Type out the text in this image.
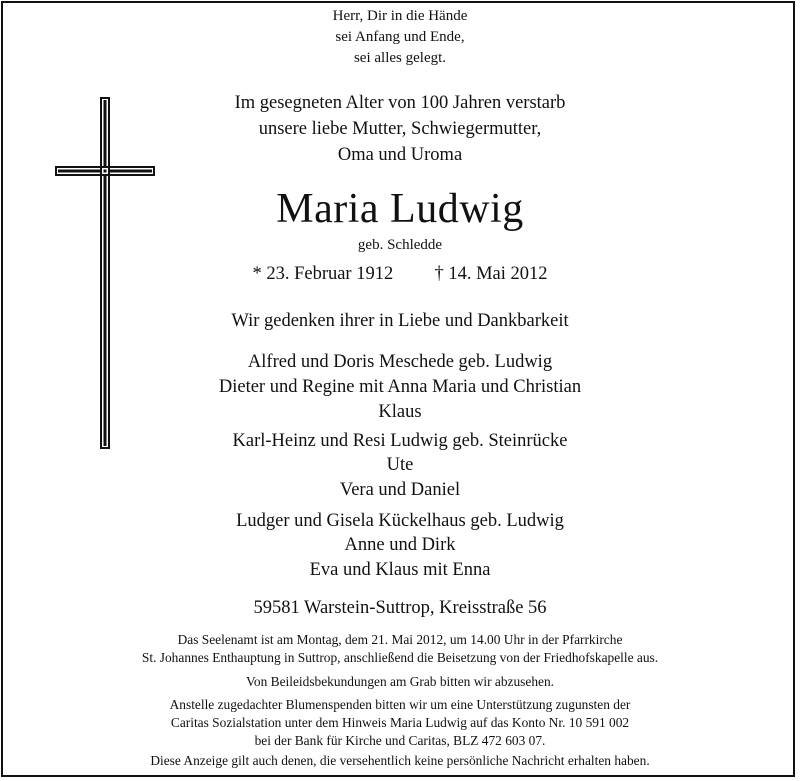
Herr, Dir in die Hände
sei Anfang und Ende,
sei alles gelegt.
Im gesegneten Alter von 100 Jahren verstarb
unsere liebe Mutter, Schwiegermutter,
Oma und Uroma
Maria Ludwig
geb. Schledde
* 23. Februar 1912 † 14. Mai 2012
Wir gedenken ihrer in Liebe und Dankbarkeit
Alfred und Doris Meschede geb. Ludwig
Dieter und Regine mit Anna Maria und Christian
Klaus
Karl-Heinz und Resi Ludwig geb. Steinrücke
Ute
Vera und Daniel
Ludger und Gisela Kückelhaus geb. Ludwig
Anne und Dirk
Eva und Klaus mit Enna
59581 Warstein-Suttrop, Kreisstraße 56
Das Seelenamt ist am Montag, dem 21. Mai 2012, um 14.00 Uhr in der Pfarrkirche
St. Johannes Enthauptung in Suttrop, anschließend die Beisetzung von der Friedhofskapelle aus.
Von Beileidsbekundungen am Grab bitten wir abzusehen.
Anstelle zugedachter Blumenspenden bitten wir um eine Unterstützung zugunsten der
Caritas Sozialstation unter dem Hinweis Maria Ludwig auf das Konto Nr. 10 591 002
bei der Bank für Kirche und Caritas, BLZ 472 603 07.
Diese Anzeige gilt auch denen, die versehentlich keine persönliche Nachricht erhalten haben.
